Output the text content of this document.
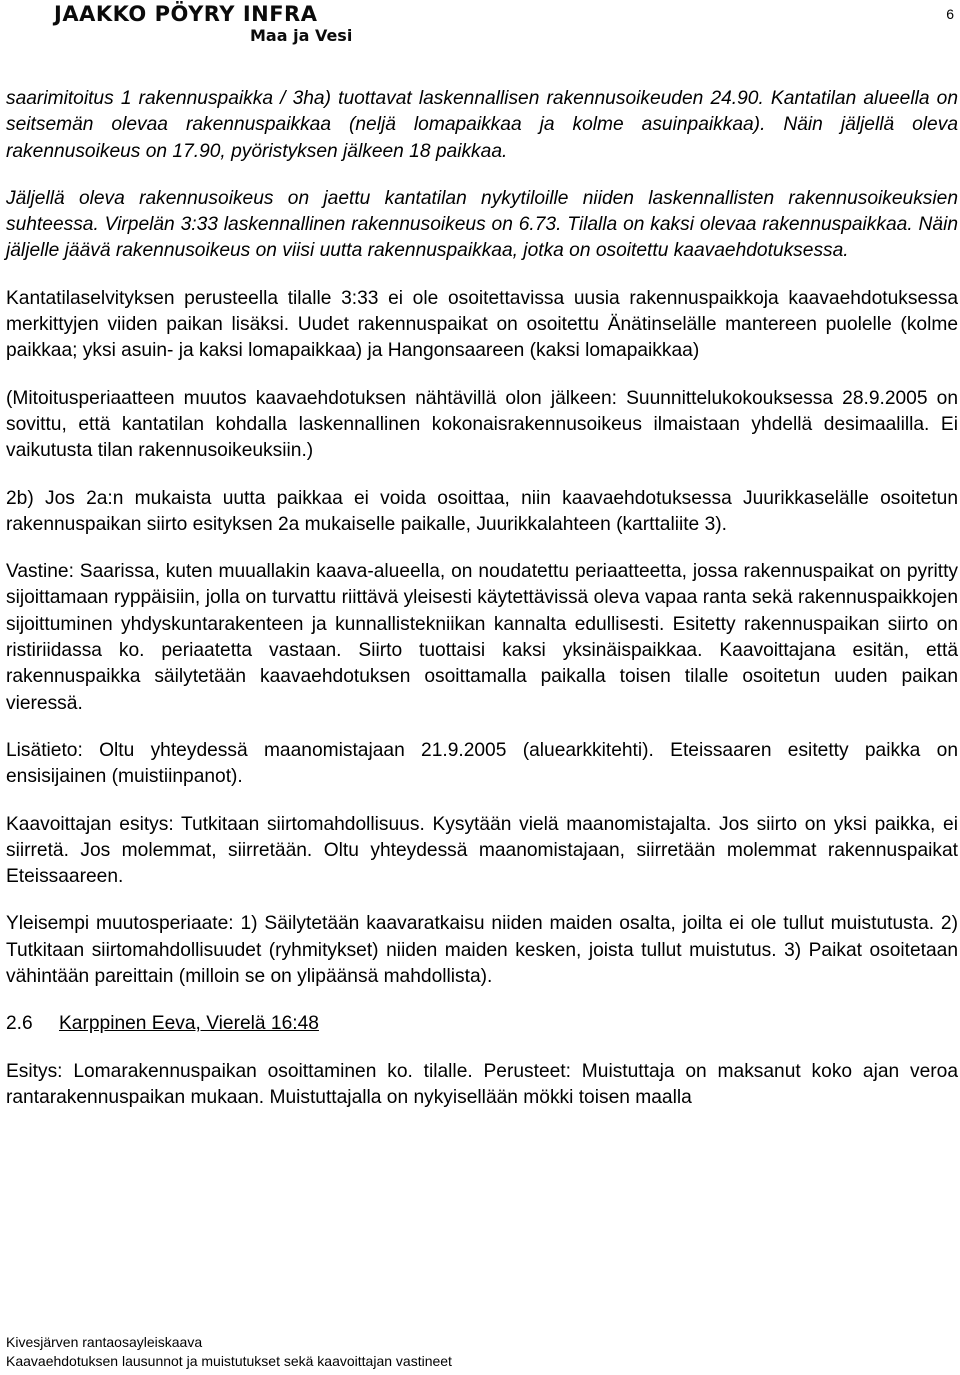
JAAKKO PÖYRY INFRA
Maa ja Vesi
6

saarimitoitus 1 rakennuspaikka / 3ha) tuottavat laskennallisen rakennusoikeuden 24.90. Kantatilan alueella on seitsemän olevaa rakennuspaikkaa (neljä lomapaikkaa ja kolme asuinpaikkaa). Näin jäljellä oleva rakennusoikeus on 17.90, pyöristyksen jälkeen 18 paikkaa.

Jäljellä oleva rakennusoikeus on jaettu kantatilan nykytiloille niiden laskennallisten rakennusoikeuksien suhteessa. Virpelän 3:33 laskennallinen rakennusoikeus on 6.73. Tilalla on kaksi olevaa rakennuspaikkaa. Näin jäljelle jäävä rakennusoikeus on viisi uutta rakennuspaikkaa, jotka on osoitettu kaavaehdotuksessa.

Kantatilaselvityksen perusteella tilalle 3:33 ei ole osoitettavissa uusia rakennuspaikkoja kaavaehdotuksessa merkittyjen viiden paikan lisäksi. Uudet rakennuspaikat on osoitettu Änätinselälle mantereen puolelle (kolme paikkaa; yksi asuin- ja kaksi lomapaikkaa) ja Hangonsaareen (kaksi lomapaikkaa)

(Mitoitusperiaatteen muutos kaavaehdotuksen nähtävillä olon jälkeen: Suunnittelukokouksessa 28.9.2005 on sovittu, että kantatilan kohdalla laskennallinen kokonaisrakennusoikeus ilmaistaan yhdellä desimaalilla. Ei vaikutusta tilan rakennusoikeuksiin.)

2b) Jos 2a:n mukaista uutta paikkaa ei voida osoittaa, niin kaavaehdotuksessa Juurikkaselälle osoitetun rakennuspaikan siirto esityksen 2a mukaiselle paikalle, Juurikkalahteen (karttaliite 3).

Vastine: Saarissa, kuten muuallakin kaava-alueella, on noudatettu periaatteetta, jossa rakennuspaikat on pyritty sijoittamaan ryppäisiin, jolla on turvattu riittävä yleisesti käytettävissä oleva vapaa ranta sekä rakennuspaikkojen sijoittuminen yhdyskuntarakenteen ja kunnallistekniikan kannalta edullisesti. Esitetty rakennuspaikan siirto on ristiriidassa ko. periaatetta vastaan. Siirto tuottaisi kaksi yksinäispaikkaa. Kaavoittajana esitän, että rakennuspaikka säilytetään kaavaehdotuksen osoittamalla paikalla toisen tilalle osoitetun uuden paikan vieressä.

Lisätieto: Oltu yhteydessä maanomistajaan 21.9.2005 (aluearkkitehti). Eteissaaren esitetty paikka on ensisijainen (muistiinpanot).

Kaavoittajan esitys: Tutkitaan siirtomahdollisuus. Kysytään vielä maanomistajalta. Jos siirto on yksi paikka, ei siirretä. Jos molemmat, siirretään. Oltu yhteydessä maanomistajaan, siirretään molemmat rakennuspaikat Eteissaareen.

Yleisempi muutosperiaate: 1) Säilytetään kaavaratkaisu niiden maiden osalta, joilta ei ole tullut muistutusta. 2) Tutkitaan siirtomahdollisuudet (ryhmitykset) niiden maiden kesken, joista tullut muistutus. 3) Paikat osoitetaan vähintään pareittain (milloin se on ylipäänsä mahdollista).

2.6 Karppinen Eeva, Vierelä 16:48

Esitys: Lomarakennuspaikan osoittaminen ko. tilalle. Perusteet: Muistuttaja on maksanut koko ajan veroa rantarakennuspaikan mukaan. Muistuttajalla on nykyisellään mökki toisen maalla

Kivesjärven rantaosayleiskaava
Kaavaehdotuksen lausunnot ja muistutukset sekä kaavoittajan vastineet
